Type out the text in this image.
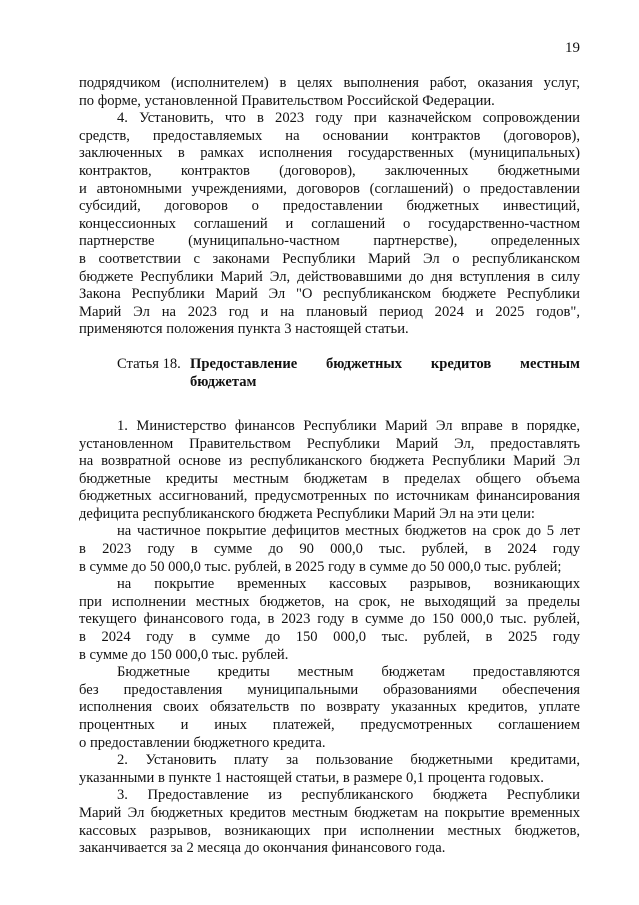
19
подрядчиком (исполнителем) в целях выполнения работ, оказания услуг,
по форме, установленной Правительством Российской Федерации.
4. Установить, что в 2023 году при казначейском сопровождении
средств, предоставляемых на основании контрактов (договоров),
заключенных в рамках исполнения государственных (муниципальных)
контрактов, контрактов (договоров), заключенных бюджетными
и автономными учреждениями, договоров (соглашений) о предоставлении
субсидий, договоров о предоставлении бюджетных инвестиций,
концессионных соглашений и соглашений о государственно-частном
партнерстве (муниципально-частном партнерстве), определенных
в соответствии с законами Республики Марий Эл о республиканском
бюджете Республики Марий Эл, действовавшими до дня вступления в силу
Закона Республики Марий Эл "О республиканском бюджете Республики
Марий Эл на 2023 год и на плановый период 2024 и 2025 годов",
применяются положения пункта 3 настоящей статьи.
Статья 18. Предоставление бюджетных кредитов местным
бюджетам
1. Министерство финансов Республики Марий Эл вправе в порядке,
установленном Правительством Республики Марий Эл, предоставлять
на возвратной основе из республиканского бюджета Республики Марий Эл
бюджетные кредиты местным бюджетам в пределах общего объема
бюджетных ассигнований, предусмотренных по источникам финансирования
дефицита республиканского бюджета Республики Марий Эл на эти цели:
на частичное покрытие дефицитов местных бюджетов на срок до 5 лет
в 2023 году в сумме до 90 000,0 тыс. рублей, в 2024 году
в сумме до 50 000,0 тыс. рублей, в 2025 году в сумме до 50 000,0 тыс. рублей;
на покрытие временных кассовых разрывов, возникающих
при исполнении местных бюджетов, на срок, не выходящий за пределы
текущего финансового года, в 2023 году в сумме до 150 000,0 тыс. рублей,
в 2024 году в сумме до 150 000,0 тыс. рублей, в 2025 году
в сумме до 150 000,0 тыс. рублей.
Бюджетные кредиты местным бюджетам предоставляются
без предоставления муниципальными образованиями обеспечения
исполнения своих обязательств по возврату указанных кредитов, уплате
процентных и иных платежей, предусмотренных соглашением
о предоставлении бюджетного кредита.
2. Установить плату за пользование бюджетными кредитами,
указанными в пункте 1 настоящей статьи, в размере 0,1 процента годовых.
3. Предоставление из республиканского бюджета Республики
Марий Эл бюджетных кредитов местным бюджетам на покрытие временных
кассовых разрывов, возникающих при исполнении местных бюджетов,
заканчивается за 2 месяца до окончания финансового года.
